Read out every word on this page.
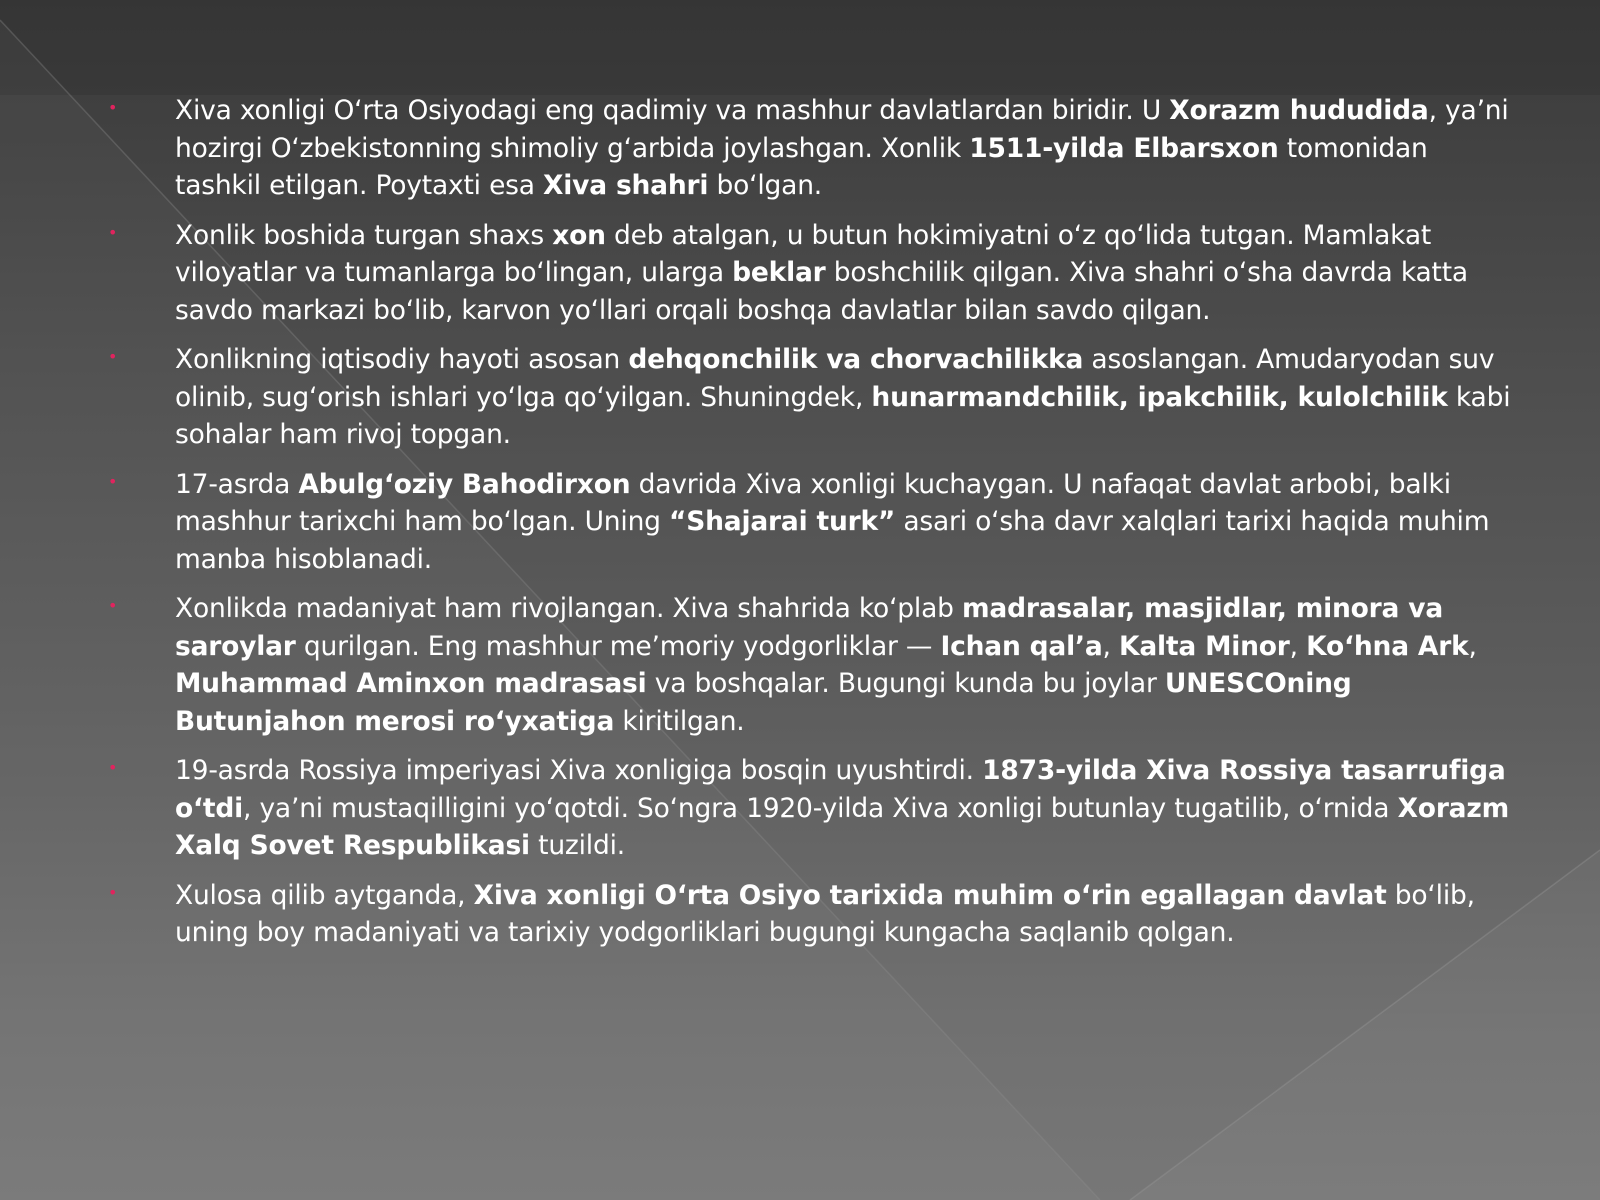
• Xiva xonligi O‘rta Osiyodagi eng qadimiy va mashhur davlatlardan biridir. U Xorazm hududida, ya’ni hozirgi O‘zbekistonning shimoliy g‘arbida joylashgan. Xonlik 1511-yilda Elbarsxon tomonidan tashkil etilgan. Poytaxti esa Xiva shahri bo‘lgan.
• Xonlik boshida turgan shaxs xon deb atalgan, u butun hokimiyatni o‘z qo‘lida tutgan. Mamlakat viloyatlar va tumanlarga bo‘lingan, ularga beklar boshchilik qilgan. Xiva shahri o‘sha davrda katta savdo markazi bo‘lib, karvon yo‘llari orqali boshqa davlatlar bilan savdo qilgan.
• Xonlikning iqtisodiy hayoti asosan dehqonchilik va chorvachilikka asoslangan. Amudaryodan suv olinib, sug‘orish ishlari yo‘lga qo‘yilgan. Shuningdek, hunarmandchilik, ipakchilik, kulolchilik kabi sohalar ham rivoj topgan.
• 17-asrda Abulg‘oziy Bahodirxon davrida Xiva xonligi kuchaygan. U nafaqat davlat arbobi, balki mashhur tarixchi ham bo‘lgan. Uning “Shajarai turk” asari o‘sha davr xalqlari tarixi haqida muhim manba hisoblanadi.
• Xonlikda madaniyat ham rivojlangan. Xiva shahrida ko‘plab madrasalar, masjidlar, minora va saroylar qurilgan. Eng mashhur me’moriy yodgorliklar — Ichan qal’a, Kalta Minor, Ko‘hna Ark, Muhammad Aminxon madrasasi va boshqalar. Bugungi kunda bu joylar UNESCOning Butunjahon merosi ro‘yxatiga kiritilgan.
• 19-asrda Rossiya imperiyasi Xiva xonligiga bosqin uyushtirdi. 1873-yilda Xiva Rossiya tasarrufiga o‘tdi, ya’ni mustaqilligini yo‘qotdi. So‘ngra 1920-yilda Xiva xonligi butunlay tugatilib, o‘rnida Xorazm Xalq Sovet Respublikasi tuzildi.
• Xulosa qilib aytganda, Xiva xonligi O‘rta Osiyo tarixida muhim o‘rin egallagan davlat bo‘lib, uning boy madaniyati va tarixiy yodgorliklari bugungi kungacha saqlanib qolgan.
